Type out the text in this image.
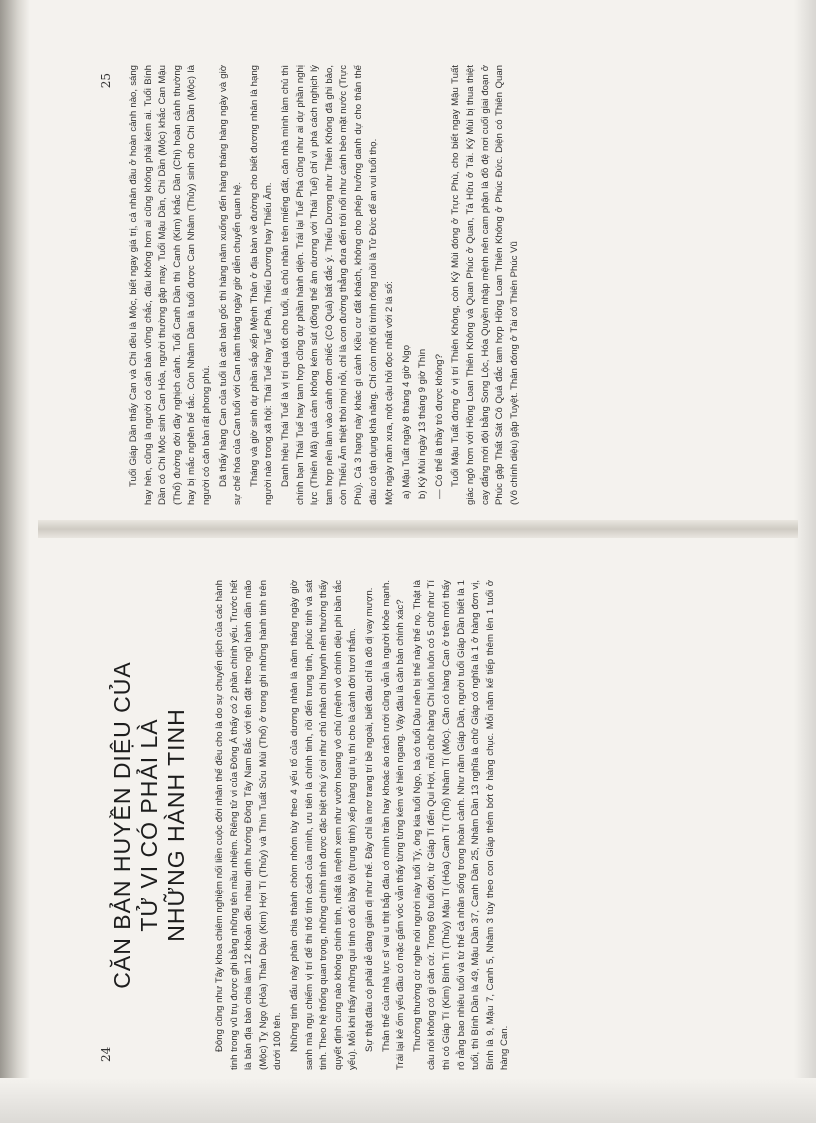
25 Tuổi Giáp Dần thấy Can và Chi đều là Mộc, biết ngay giá trị, cả nhân đầu ở hoàn cảnh nào, sáng hay hèn, cũng là người có căn bản vững chắc, đâu không hơn ai cũng không phải kém ai. Tuổi Bính Dần có Chi Mộc sinh Can Hỏa, người thường gặp may. Tuổi Mậu Dần, Chi Dần (Mộc) khắc Can Mậu (Thổ) đường đời đầy nghịch cảnh. Tuổi Canh Dần thì Canh (Kim) khắc Dần (Chi) hoàn cảnh thường hay bị mắc nghẽn bế tắc. Còn Nhâm Dần là tuổi được Can Nhâm (Thủy) sinh cho Chi Dần (Mộc) là người có căn bản rất phong phú. Dã thấy hàng Can của tuổi là căn bản gốc thì hàng năm xuống đến hàng tháng hàng ngày và giờ sự chế hóa của Can tuổi với Can năm tháng ngày giờ diễn chuyển quan hệ. Tháng và giờ sinh dự phần sắp xếp Mệnh Thân ở địa bàn về đường cho biết đương nhân là hạng người nào trong xã hội: Thái Tuế hay Tuế Phá, Thiếu Dương hay Thiếu Âm. Danh hiệu Thái Tuế là vị trí quá tốt cho tuổi, là chủ nhân trên miếng đất, căn nhà mình làm chủ thì chính bạn Thái Tuế hay tam hợp cũng dự phần hành diện. Trái lại Tuế Phá cũng như ai dự phần nghị lực (Thiên Mã) quả cảm không kém sút (đồng thế âm dương với Thái Tuế) chỉ vì phá cách nghịch lý tam hợp nên làm vào cảnh đơn chiếc (Cô Quả) bất đắc ý. Thiếu Dương như Thiên Không đã ghi bảo, còn Thiếu Âm thiệt thòi mọi nỗi, chỉ là con đường thẳng đưa đến trôi nổi như cánh bèo mặt nước (Trực Phù). Cả 3 hạng này khác gì cảnh Kiều cư đất khách, không cho phép hưởng danh dự cho thân thế đâu có tận dụng khả năng. Chỉ còn một lối trình rõng ruồi là Tử Đức để an vui tuổi thọ. Một ngày năm xưa, một cậu hỏi đọc nhất với 2 lá số: a) Mậu Tuất ngày 8 tháng 4 giờ Ngọ b) Kỷ Mùi ngày 13 tháng 9 giờ Thìn — Có thể là thầy trò được không? Tuổi Mậu Tuất đứng ở vị trí Thiên Không, còn Kỷ Mùi đóng ở Trực Phù, cho biết ngay Mậu Tuất giác ngộ hơn với Hồng Loan Thiên Không và Quan Phúc ở Quan, Tả Hữu ở Tài. Kỷ Mùi bị thua thiệt cay đắng mới đội bằng Song Lộc, Hóa Quyền nhập mệnh nên cam phận là đồ đệ nơi cuối giai đoạn ở Phúc gặp Thất Sát Cô Quả đắc tam hợp Hồng Loan Thiên Không ở Phúc Đức. Diện có Thiên Quan (Vô chính diệu) gặp Tuyệt. Thân đóng ở Tài có Thiên Phúc Vũ

24
CĂN BẢN HUYỀN DIỆU CỦA TỬ VI CÓ PHẢI LÀ NHỮNG HÀNH TINH	Đông cũng như Tây khoa chiêm nghiệm nối liền cuộc đời nhân thế đều cho là do sự chuyển dịch của các hành tinh trong vũ trụ được ghi bằng những tên mầu nhiệm. Riêng tử vi của Đông Á thấy có 2 phần chính yếu. Trước hết là bản địa bàn chia làm 12 khoản đều nhau định hướng Đông Tây Nam Bắc với tên đặt theo ngũ hành dần mão (Mộc) Tỵ Ngọ (Hỏa) Thân Dậu (Kim) Hợi Tí (Thủy) và Thìn Tuất Sửu Mùi (Thổ) ở trong ghi những hành tinh trên dưới 100 tên. Những tinh đẩu này phân chia thành chòm nhóm tùy theo 4 yếu tố của dương nhân là năm tháng ngày giờ sanh mà ngụ chiếm vị trí để thi thố tính cách của mình, ưu tiên là chính tinh, rồi đến trung tinh, phúc tinh và sát tinh. Theo hệ thống quan trọng, những chính tinh được đặc biệt chú ý coi như chủ nhân chi huynh nên thường thấy quyết định cung nào không chính tinh, nhất là mệnh xem như vườn hoang vô chủ (mệnh vô chính diệu phi bần tắc yểu). Mỗi khi thấy những qui tinh có đủ bầy tôi (trung tinh) xếp hàng qui tụ thì cho là cảnh đời tươi thắm. Sự thật đâu có phải dễ dàng giản dị như thế. Đây chỉ là mơ trang trí bề ngoài, biết đâu chỉ là đồ dị vay mượn. Thân thế của nhà lực sĩ vai u thịt bắp đâu có mình trần hay khoác áo rách rưới cũng vẫn là người khỏe mạnh. Trái lại kẻ ốm yếu đầu có mặc gấm vóc vẫn thấy từng từng kém vẻ hiên ngang. Vậy đâu là căn bản chính xác? Thường thường cứ nghe nói người này tuổi Tý, ông kia tuổi Ngọ, bà có tuổi Dậu nên bị thế này thế nọ. Thật là câu nói không có gì căn cứ. Trong 60 tuổi đời, từ Giáp Tí đến Qui Hợi, mỗi chữ hàng Chi luôn luôn có 5 chữ như Tí thì có Giáp Tí (Kim) Bính Tí (Thủy) Mậu Tí (Hỏa) Canh Tí (Thổ) Nhâm Tí (Mộc). Căn có hàng Can ở trên mới thấy rõ rằng bao nhiêu tuổi và tứ thể cả nhân sống trong hoàn cảnh. Như năm Giáp Dần, người tuổi Giáp Dần biết là 1 tuổi, thì Bính Dần là 49, Mậu Dần 37, Canh Dần 25, Nhâm Dần 13 nghĩa là chữ Giáp có nghĩa là 1 ở hàng đơn vị, Bính là 9, Mậu 7, Canh 5, Nhâm 3 tùy theo con Giáp thêm bớt ở hàng chục. Mỗi năm kế tiếp thêm lên 1 tuổi ở hàng Can.
